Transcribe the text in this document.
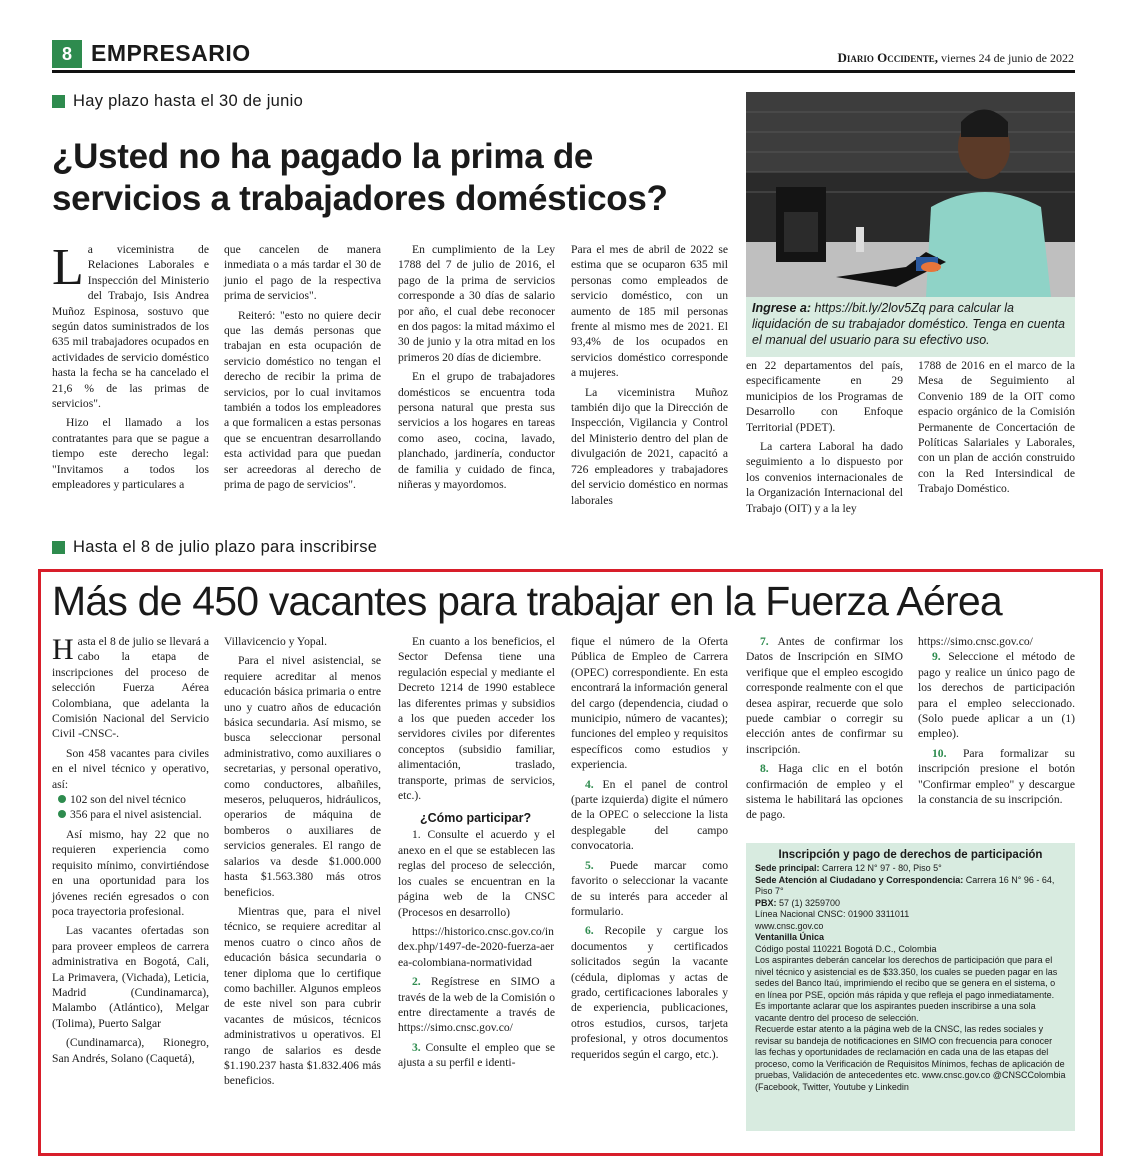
8 EMPRESARIO	Diario Occidente, viernes 24 de junio de 2022
Hay plazo hasta el 30 de junio
¿Usted no ha pagado la prima de servicios a trabajadores domésticos?

La viceministra de Relaciones Laborales e Inspección del Ministerio del Trabajo, Isis Andrea Muñoz Espinosa, sostuvo que según datos suministrados de los 635 mil trabajadores ocupados en actividades de servicio doméstico hasta la fecha se ha cancelado el 21,6 % de las primas de servicios".

Hizo el llamado a los contratantes para que se pague a tiempo este derecho legal: "Invitamos a todos los empleadores y particulares a

que cancelen de manera inmediata o a más tardar el 30 de junio el pago de la respectiva prima de servicios".

Reiteró: "esto no quiere decir que las demás personas que trabajan en esta ocupación de servicio doméstico no tengan el derecho de recibir la prima de servicios, por lo cual invitamos también a todos los empleadores a que formalicen a estas personas que se encuentran desarrollando esta actividad para que puedan ser acreedoras al derecho de prima de pago de servicios".

En cumplimiento de la Ley 1788 del 7 de julio de 2016, el pago de la prima de servicios corresponde a 30 días de salario por año, el cual debe reconocer en dos pagos: la mitad máximo el 30 de junio y la otra mitad en los primeros 20 días de diciembre.

En el grupo de trabajadores domésticos se encuentra toda persona natural que presta sus servicios a los hogares en tareas como aseo, cocina, lavado, planchado, jardinería, conductor de familia y cuidado de finca, niñeras y mayordomos.

Para el mes de abril de 2022 se estima que se ocuparon 635 mil personas como empleados de servicio doméstico, con un aumento de 185 mil personas frente al mismo mes de 2021. El 93,4% de los ocupados en servicios doméstico corresponde a mujeres.

La viceministra Muñoz también dijo que la Dirección de Inspección, Vigilancia y Control del Ministerio dentro del plan de divulgación de 2021, capacitó a 726 empleadores y trabajadores del servicio doméstico en normas laborales

Ingrese a: https://bit.ly/2lov5Zq para calcular la liquidación de su trabajador doméstico. Tenga en cuenta el manual del usuario para su efectivo uso.

en 22 departamentos del país, especificamente en 29 municipios de los Programas de Desarrollo con Enfoque Territorial (PDET).

La cartera Laboral ha dado seguimiento a lo dispuesto por los convenios internacionales de la Organización Internacional del Trabajo (OIT) y a la ley

1788 de 2016 en el marco de la Mesa de Seguimiento al Convenio 189 de la OIT como espacio orgánico de la Comisión Permanente de Concertación de Políticas Salariales y Laborales, con un plan de acción construido con la Red Intersindical de Trabajo Doméstico.

Hasta el 8 de julio plazo para inscribirse
Más de 450 vacantes para trabajar en la Fuerza Aérea

Hasta el 8 de julio se llevará a cabo la etapa de inscripciones del proceso de selección Fuerza Aérea Colombiana, que adelanta la Comisión Nacional del Servicio Civil -CNSC-.

Son 458 vacantes para civiles en el nivel técnico y operativo, así:

102 son del nivel técnico

356 para el nivel asistencial.

Así mismo, hay 22 que no requieren experiencia como requisito mínimo, convirtiéndose en una oportunidad para los jóvenes recién egresados o con poca trayectoria profesional.

Las vacantes ofertadas son para proveer empleos de carrera administrativa en Bogotá, Cali, La Primavera, (Vichada), Leticia, Madrid (Cundinamarca), Malambo (Atlántico), Melgar (Tolima), Puerto Salgar

(Cundinamarca), Rionegro, San Andrés, Solano (Caquetá),

Villavicencio y Yopal.

Para el nivel asistencial, se requiere acreditar al menos educación básica primaria o entre uno y cuatro años de educación básica secundaria. Así mismo, se busca seleccionar personal administrativo, como auxiliares o secretarias, y personal operativo, como conductores, albañiles, meseros, peluqueros, hidráulicos, operarios de máquina de bomberos o auxiliares de servicios generales. El rango de salarios va desde $1.000.000 hasta $1.563.380 más otros beneficios.

Mientras que, para el nivel técnico, se requiere acreditar al menos cuatro o cinco años de educación básica secundaria o tener diploma que lo certifique como bachiller. Algunos empleos de este nivel son para cubrir vacantes de músicos, técnicos administrativos u operativos. El rango de salarios es desde $1.190.237 hasta $1.832.406 más beneficios.

En cuanto a los beneficios, el Sector Defensa tiene una regulación especial y mediante el Decreto 1214 de 1990 establece las diferentes primas y subsidios a los que pueden acceder los servidores civiles por diferentes conceptos (subsidio familiar, alimentación, traslado, transporte, primas de servicios, etc.).

¿Cómo participar?

1. Consulte el acuerdo y el anexo en el que se establecen las reglas del proceso de selección, los cuales se encuentran en la página web de la CNSC (Procesos en desarrollo)

https://historico.cnsc.gov.co/index.php/1497-de-2020-fuerza-aerea-colombiana-normatividad

2. Regístrese en SIMO a través de la web de la Comisión o entre directamente a través de https://simo.cnsc.gov.co/

3. Consulte el empleo que se ajusta a su perfil e identi-

fique el número de la Oferta Pública de Empleo de Carrera (OPEC) correspondiente. En esta encontrará la información general del cargo (dependencia, ciudad o municipio, número de vacantes); funciones del empleo y requisitos específicos como estudios y experiencia.

4. En el panel de control (parte izquierda) digite el número de la OPEC o seleccione la lista desplegable del campo convocatoria.

5. Puede marcar como favorito o seleccionar la vacante de su interés para acceder al formulario.

6. Recopile y cargue los documentos y certificados solicitados según la vacante (cédula, diplomas y actas de grado, certificaciones laborales y de experiencia, publicaciones, otros estudios, cursos, tarjeta profesional, y otros documentos requeridos según el cargo, etc.).

7. Antes de confirmar los Datos de Inscripción en SIMO verifique que el empleo escogido corresponde realmente con el que desea aspirar, recuerde que solo puede cambiar o corregir su elección antes de confirmar su inscripción.

8. Haga clic en el botón confirmación de empleo y el sistema le habilitará las opciones de pago.

https://simo.cnsc.gov.co/

9. Seleccione el método de pago y realice un único pago de los derechos de participación para el empleo seleccionado. (Solo puede aplicar a un (1) empleo).

10. Para formalizar su inscripción presione el botón "Confirmar empleo" y descargue la constancia de su inscripción.

Inscripción y pago de derechos de participación
Sede principal: Carrera 12 N° 97 - 80, Piso 5°
Sede Atención al Ciudadano y Correspondencia: Carrera 16 N° 96 - 64, Piso 7°
PBX: 57 (1) 3259700
Línea Nacional CNSC: 01900 3311011
www.cnsc.gov.co
Ventanilla Única
Código postal 110221 Bogotá D.C., Colombia
Los aspirantes deberán cancelar los derechos de participación que para el nivel técnico y asistencial es de $33.350, los cuales se pueden pagar en las sedes del Banco Itaú, imprimiendo el recibo que se genera en el sistema, o en línea por PSE, opción más rápida y que refleja el pago inmediatamente.
Es importante aclarar que los aspirantes pueden inscribirse a una sola vacante dentro del proceso de selección.
Recuerde estar atento a la página web de la CNSC, las redes sociales y revisar su bandeja de notificaciones en SIMO con frecuencia para conocer las fechas y oportunidades de reclamación en cada una de las etapas del proceso, como la Verificación de Requisitos Mínimos, fechas de aplicación de pruebas, Validación de antecedentes etc. www.cnsc.gov.co @CNSCColombia (Facebook, Twitter, Youtube y Linkedin
